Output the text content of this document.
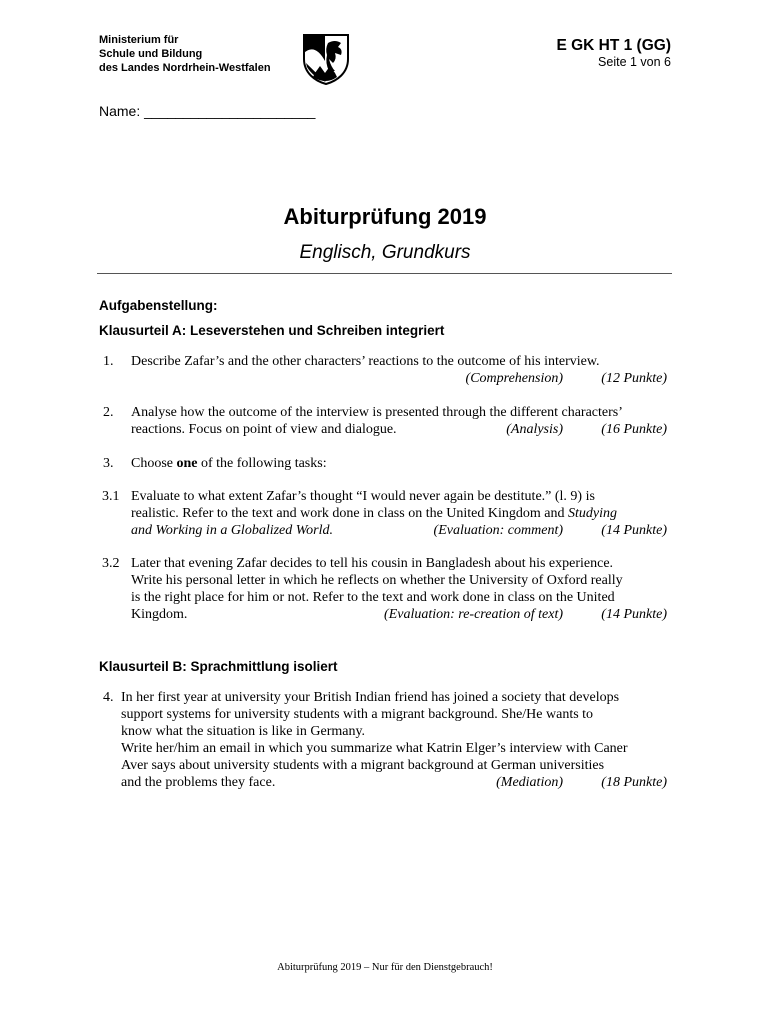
Ministerium für
Schule und Bildung
des Landes Nordrhein-Westfalen
E GK HT 1 (GG)
Seite 1 von 6
Name: ______________________
Abiturprüfung 2019
Englisch, Grundkurs
Aufgabenstellung:
Klausurteil A: Leseverstehen und Schreiben integriert
1. Describe Zafar’s and the other characters’ reactions to the outcome of his interview.
(Comprehension)	(12 Punkte)
2. Analyse how the outcome of the interview is presented through the different characters’
reactions. Focus on point of view and dialogue.	(Analysis)	(16 Punkte)
3. Choose one of the following tasks:
3.1 Evaluate to what extent Zafar’s thought “I would never again be destitute.” (l. 9) is
realistic. Refer to the text and work done in class on the United Kingdom and Studying
and Working in a Globalized World.	(Evaluation: comment)	(14 Punkte)
3.2 Later that evening Zafar decides to tell his cousin in Bangladesh about his experience.
Write his personal letter in which he reflects on whether the University of Oxford really
is the right place for him or not. Refer to the text and work done in class on the United
Kingdom.	(Evaluation: re-creation of text)	(14 Punkte)
Klausurteil B: Sprachmittlung isoliert
4. In her first year at university your British Indian friend has joined a society that develops
support systems for university students with a migrant background. She/He wants to
know what the situation is like in Germany.
Write her/him an email in which you summarize what Katrin Elger’s interview with Caner
Aver says about university students with a migrant background at German universities
and the problems they face.	(Mediation)	(18 Punkte)
Abiturprüfung 2019 – Nur für den Dienstgebrauch!
